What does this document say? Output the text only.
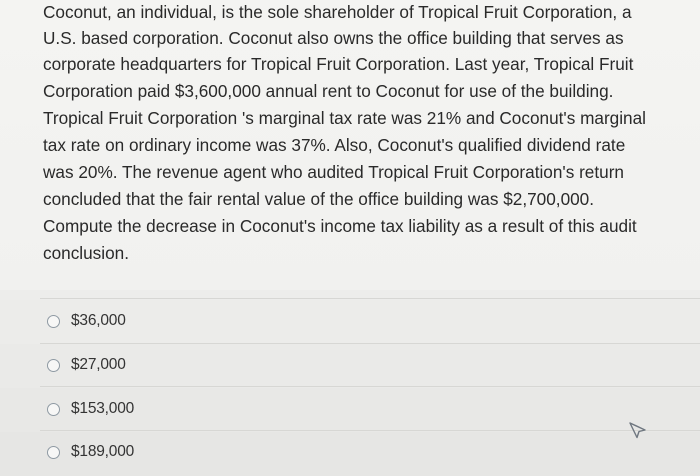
Coconut, an individual, is the sole shareholder of Tropical Fruit Corporation, a
U.S. based corporation. Coconut also owns the office building that serves as
corporate headquarters for Tropical Fruit Corporation. Last year, Tropical Fruit
Corporation paid $3,600,000 annual rent to Coconut for use of the building.
Tropical Fruit Corporation 's marginal tax rate was 21% and Coconut's marginal
tax rate on ordinary income was 37%. Also, Coconut's qualified dividend rate
was 20%. The revenue agent who audited Tropical Fruit Corporation's return
concluded that the fair rental value of the office building was $2,700,000.
Compute the decrease in Coconut's income tax liability as a result of this audit
conclusion.
$36,000
$27,000
$153,000
$189,000
